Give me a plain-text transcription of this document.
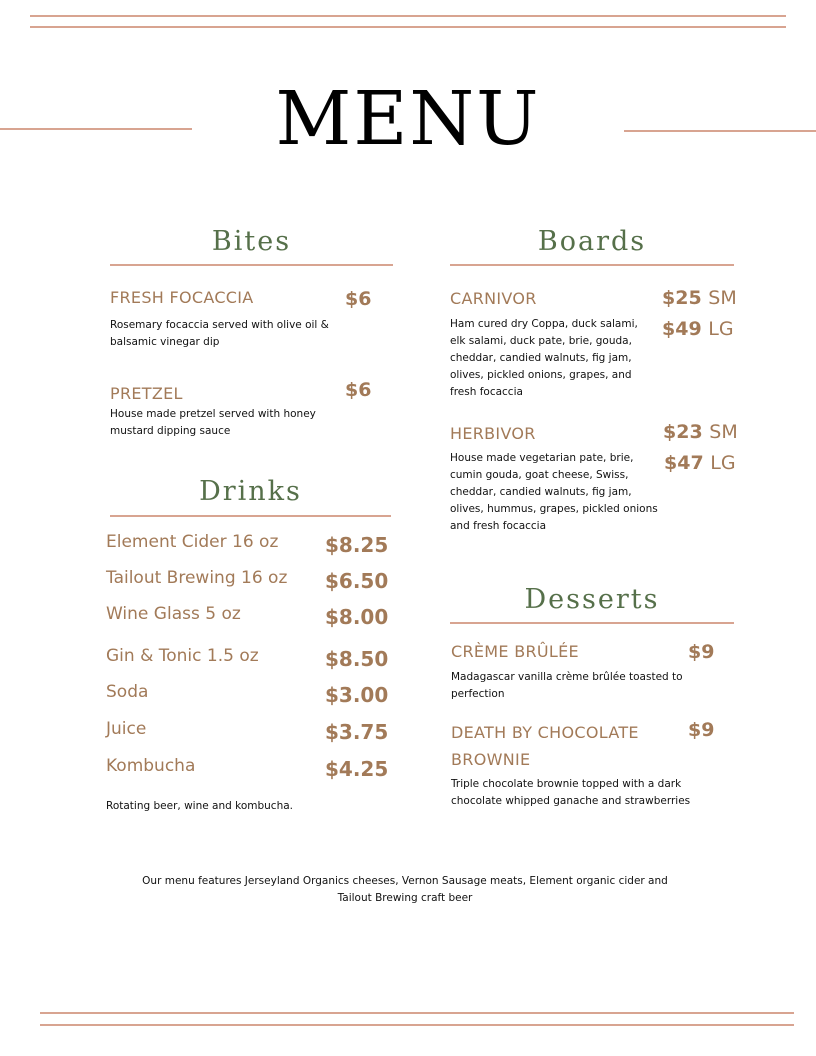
MENU
Bites
FRESH FOCACCIA	$6
Rosemary focaccia served with olive oil & balsamic vinegar dip
PRETZEL	$6
House made pretzel served with honey mustard dipping sauce
Drinks
Element Cider 16 oz $8.25
Tailout Brewing 16 oz $6.50
Wine Glass 5 oz	$8.00
Gin & Tonic 1.5 oz	$8.50
Soda	$3.00
Juice	$3.75
Kombucha	$4.25
Rotating beer, wine and kombucha.
Boards
CARNIVOR	$25 SM
$49 LG
Ham cured dry Coppa, duck salami, elk salami, duck pate, brie, gouda, cheddar, candied walnuts, fig jam, olives, pickled onions, grapes, and fresh focaccia
HERBIVOR	$23 SM
$47 LG
House made vegetarian pate, brie, cumin gouda, goat cheese, Swiss, cheddar, candied walnuts, fig jam, olives, hummus, grapes, pickled onions and fresh focaccia
Desserts
CRÈME BRÛLÉE	$9
Madagascar vanilla crème brûlée toasted to perfection
DEATH BY CHOCOLATE
BROWNIE
$9
Triple chocolate brownie topped with a dark chocolate whipped ganache and strawberries
Our menu features Jerseyland Organics cheeses, Vernon Sausage meats, Element organic cider and Tailout Brewing craft beer
